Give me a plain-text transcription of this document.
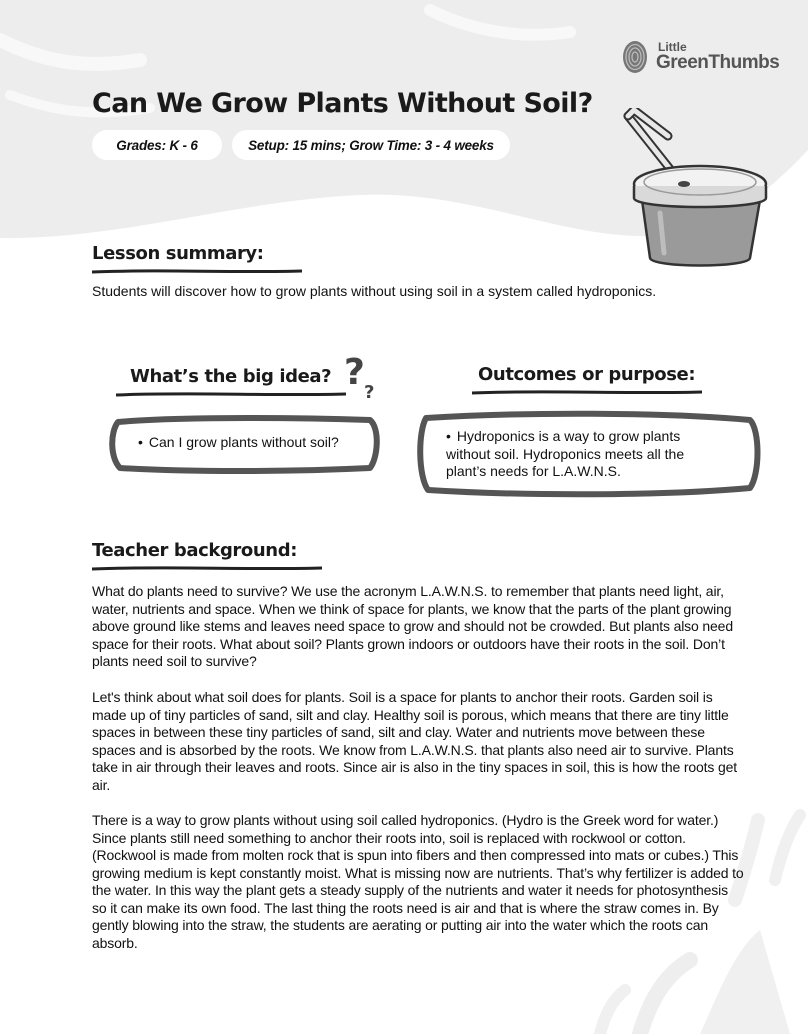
Little
GreenThumbs
Can We Grow Plants Without Soil?
Grades: K - 6	Setup: 15 mins; Grow Time: 3 - 4 weeks
Lesson summary:
Students will discover how to grow plants without using soil in a system called hydroponics.
What’s the big idea? ? ?
• Can I grow plants without soil?
Outcomes or purpose:
• Hydroponics is a way to grow plants without soil. Hydroponics meets all the plant’s needs for L.A.W.N.S.
Teacher background:

What do plants need to survive? We use the acronym L.A.W.N.S. to remember that plants need light, air, water, nutrients and space. When we think of space for plants, we know that the parts of the plant growing above ground like stems and leaves need space to grow and should not be crowded. But plants also need space for their roots. What about soil? Plants grown indoors or outdoors have their roots in the soil. Don’t plants need soil to survive?

Let's think about what soil does for plants. Soil is a space for plants to anchor their roots. Garden soil is made up of tiny particles of sand, silt and clay. Healthy soil is porous, which means that there are tiny little spaces in between these tiny particles of sand, silt and clay. Water and nutrients move between these spaces and is absorbed by the roots. We know from L.A.W.N.S. that plants also need air to survive. Plants take in air through their leaves and roots. Since air is also in the tiny spaces in soil, this is how the roots get air.

There is a way to grow plants without using soil called hydroponics. (Hydro is the Greek word for water.) Since plants still need something to anchor their roots into, soil is replaced with rockwool or cotton. (Rockwool is made from molten rock that is spun into fibers and then compressed into mats or cubes.) This growing medium is kept constantly moist. What is missing now are nutrients. That’s why fertilizer is added to the water. In this way the plant gets a steady supply of the nutrients and water it needs for photosynthesis so it can make its own food. The last thing the roots need is air and that is where the straw comes in. By gently blowing into the straw, the students are aerating or putting air into the water which the roots can absorb.
